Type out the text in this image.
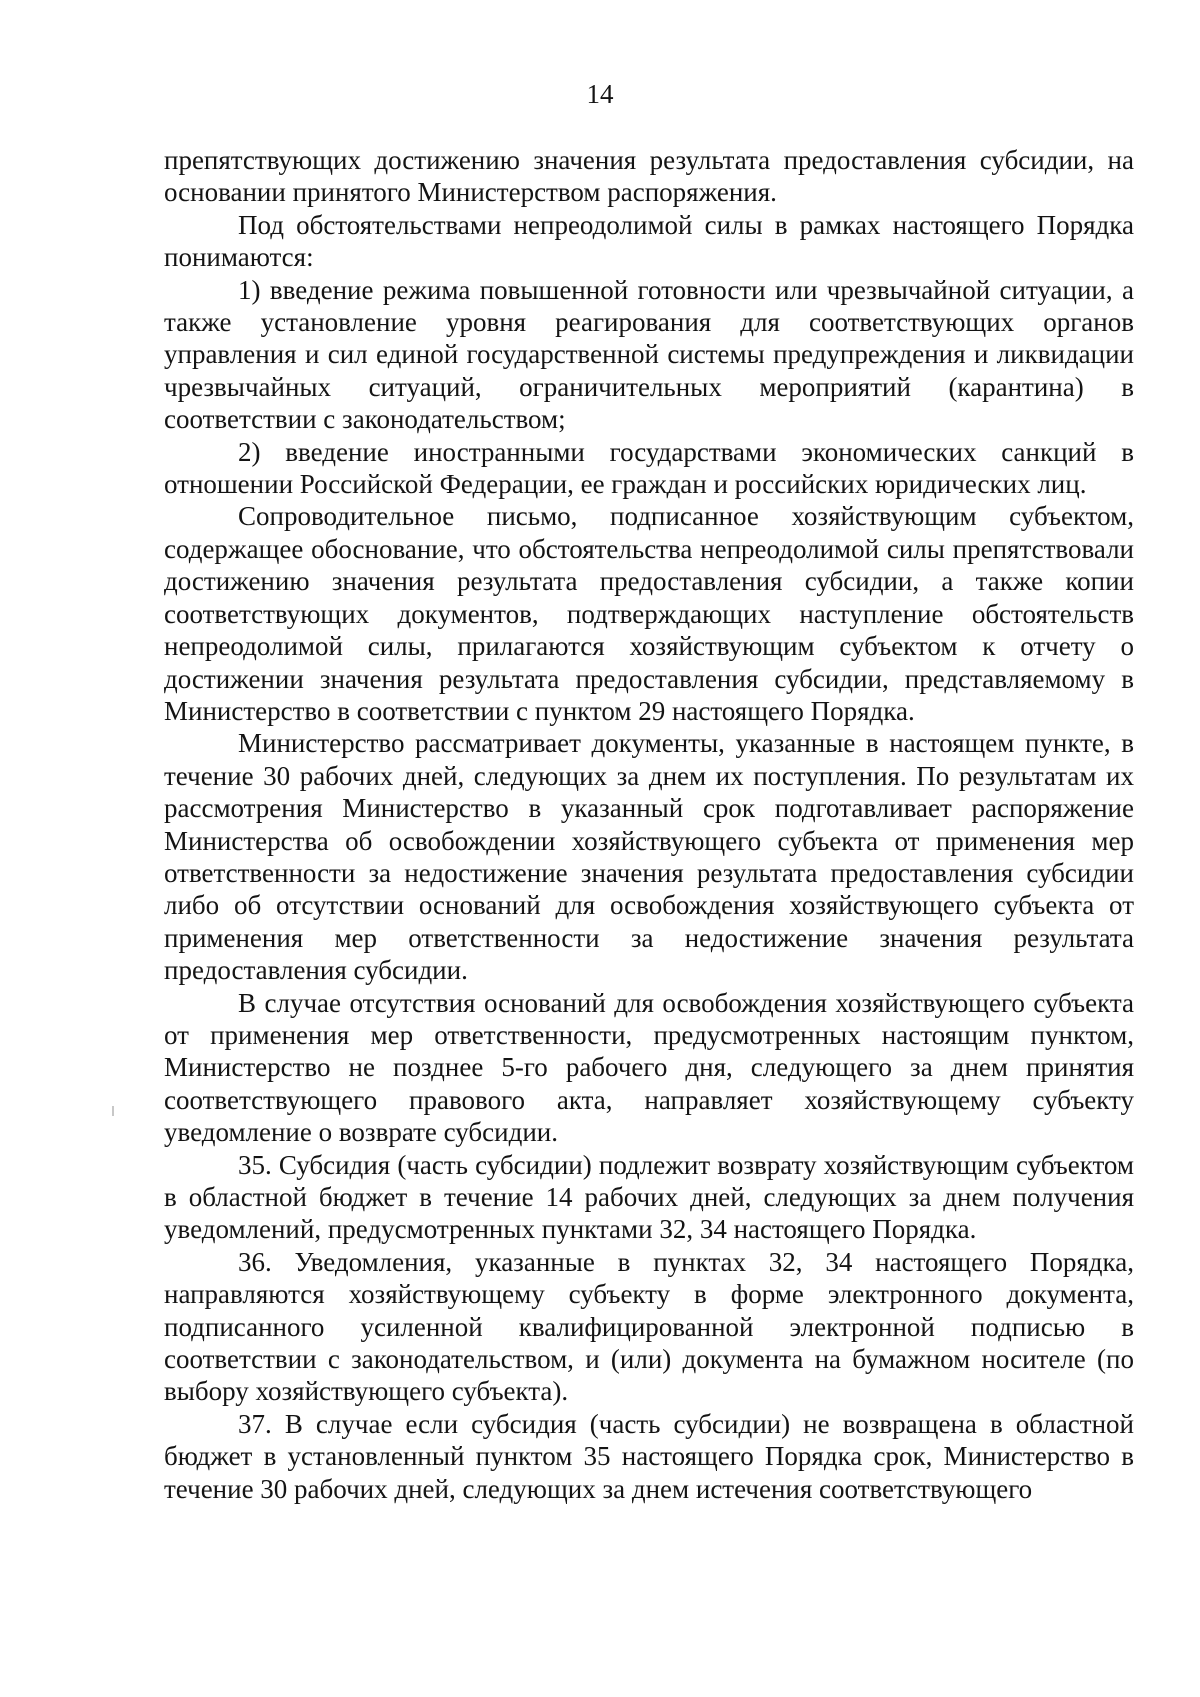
14

препятствующих достижению значения результата предоставления субсидии, на основании принятого Министерством распоряжения.

Под обстоятельствами непреодолимой силы в рамках настоящего Порядка понимаются:

1) введение режима повышенной готовности или чрезвычайной ситуации, а также установление уровня реагирования для соответствующих органов управления и сил единой государственной системы предупреждения и ликвидации чрезвычайных ситуаций, ограничительных мероприятий (карантина) в соответствии с законодательством;

2) введение иностранными государствами экономических санкций в отношении Российской Федерации, ее граждан и российских юридических лиц.

Сопроводительное письмо, подписанное хозяйствующим субъектом, содержащее обоснование, что обстоятельства непреодолимой силы препятствовали достижению значения результата предоставления субсидии, а также копии соответствующих документов, подтверждающих наступление обстоятельств непреодолимой силы, прилагаются хозяйствующим субъектом к отчету о достижении значения результата предоставления субсидии, представляемому в Министерство в соответствии с пунктом 29 настоящего Порядка.

Министерство рассматривает документы, указанные в настоящем пункте, в течение 30 рабочих дней, следующих за днем их поступления. По результатам их рассмотрения Министерство в указанный срок подготавливает распоряжение Министерства об освобождении хозяйствующего субъекта от применения мер ответственности за недостижение значения результата предоставления субсидии либо об отсутствии оснований для освобождения хозяйствующего субъекта от применения мер ответственности за недостижение значения результата предоставления субсидии.

В случае отсутствия оснований для освобождения хозяйствующего субъекта от применения мер ответственности, предусмотренных настоящим пунктом, Министерство не позднее 5-го рабочего дня, следующего за днем принятия соответствующего правового акта, направляет хозяйствующему субъекту уведомление о возврате субсидии.

35. Субсидия (часть субсидии) подлежит возврату хозяйствующим субъектом в областной бюджет в течение 14 рабочих дней, следующих за днем получения уведомлений, предусмотренных пунктами 32, 34 настоящего Порядка.

36. Уведомления, указанные в пунктах 32, 34 настоящего Порядка, направляются хозяйствующему субъекту в форме электронного документа, подписанного усиленной квалифицированной электронной подписью в соответствии с законодательством, и (или) документа на бумажном носителе (по выбору хозяйствующего субъекта).

37. В случае если субсидия (часть субсидии) не возвращена в областной бюджет в установленный пунктом 35 настоящего Порядка срок, Министерство в течение 30 рабочих дней, следующих за днем истечения соответствующего
